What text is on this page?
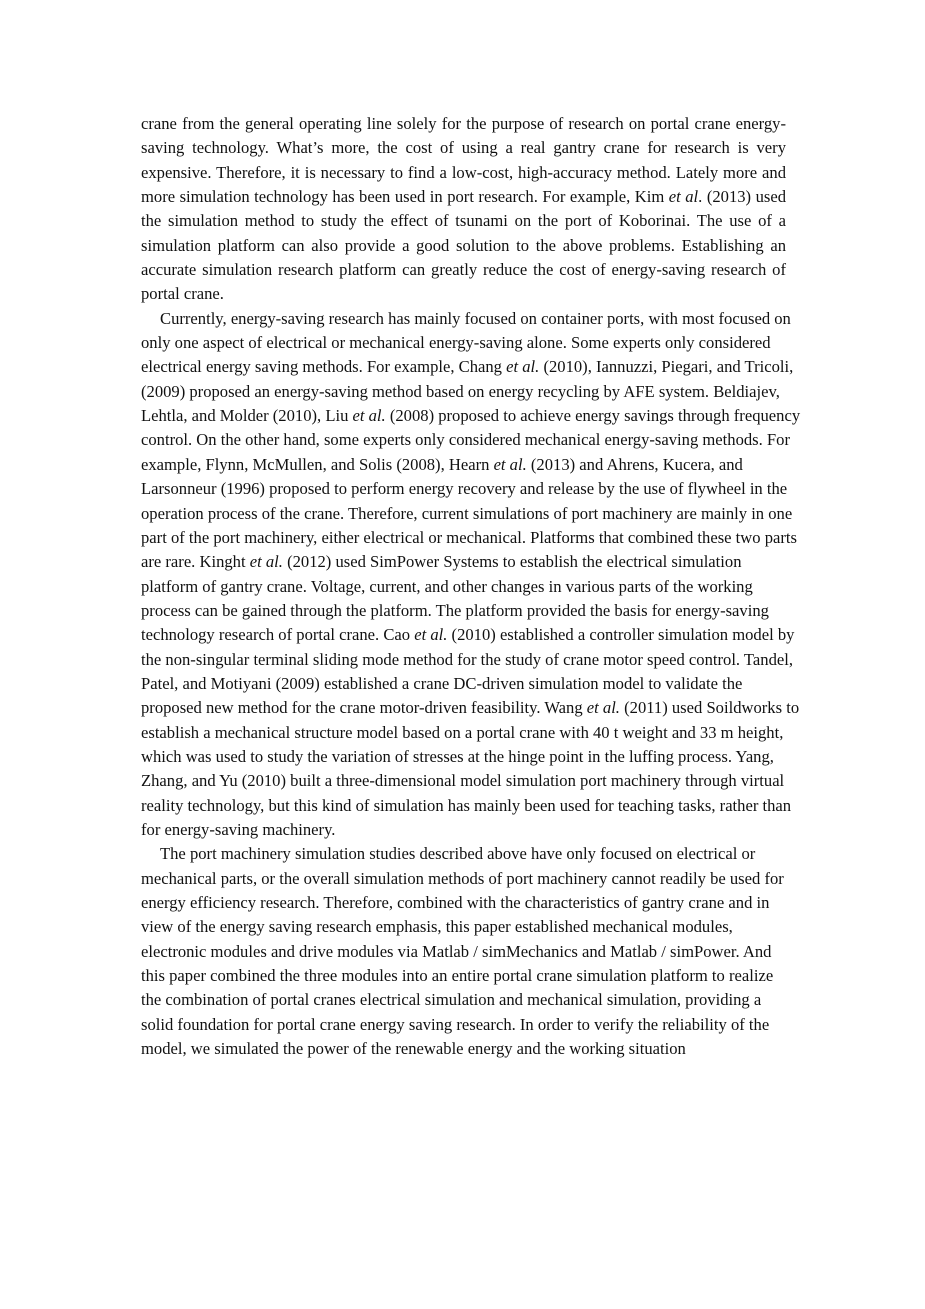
crane from the general operating line solely for the purpose of research on portal crane energy-saving technology. What’s more, the cost of using a real gantry crane for research is very expensive. Therefore, it is necessary to find a low-cost, high-accuracy method. Lately more and more simulation technology has been used in port research. For example, Kim et al. (2013) used the simulation method to study the effect of tsunami on the port of Koborinai. The use of a simulation platform can also provide a good solution to the above problems. Establishing an accurate simulation research platform can greatly reduce the cost of energy-saving research of portal crane.

Currently, energy-saving research has mainly focused on container ports, with most focused on only one aspect of electrical or mechanical energy-saving alone. Some experts only considered electrical energy saving methods. For example, Chang et al. (2010), Iannuzzi, Piegari, and Tricoli, (2009) proposed an energy-saving method based on energy recycling by AFE system. Beldiajev, Lehtla, and Molder (2010), Liu et al. (2008) proposed to achieve energy savings through frequency control. On the other hand, some experts only considered mechanical energy-saving methods. For example, Flynn, McMullen, and Solis (2008), Hearn et al. (2013) and Ahrens, Kucera, and Larsonneur (1996) proposed to perform energy recovery and release by the use of flywheel in the operation process of the crane. Therefore, current simulations of port machinery are mainly in one part of the port machinery, either electrical or mechanical. Platforms that combined these two parts are rare. Kinght et al. (2012) used SimPower Systems to establish the electrical simulation platform of gantry crane. Voltage, current, and other changes in various parts of the working process can be gained through the platform. The platform provided the basis for energy-saving technology research of portal crane. Cao et al. (2010) established a controller simulation model by the non-singular terminal sliding mode method for the study of crane motor speed control. Tandel, Patel, and Motiyani (2009) established a crane DC-driven simulation model to validate the proposed new method for the crane motor-driven feasibility. Wang et al. (2011) used Soildworks to establish a mechanical structure model based on a portal crane with 40 t weight and 33 m height, which was used to study the variation of stresses at the hinge point in the luffing process. Yang, Zhang, and Yu (2010) built a three-dimensional model simulation port machinery through virtual reality technology, but this kind of simulation has mainly been used for teaching tasks, rather than for energy-saving machinery.

The port machinery simulation studies described above have only focused on electrical or mechanical parts, or the overall simulation methods of port machinery cannot readily be used for energy efficiency research. Therefore, combined with the characteristics of gantry crane and in view of the energy saving research emphasis, this paper established mechanical modules, electronic modules and drive modules via Matlab / simMechanics and Matlab / simPower. And this paper combined the three modules into an entire portal crane simulation platform to realize the combination of portal cranes electrical simulation and mechanical simulation, providing a solid foundation for portal crane energy saving research. In order to verify the reliability of the model, we simulated the power of the renewable energy and the working situation
